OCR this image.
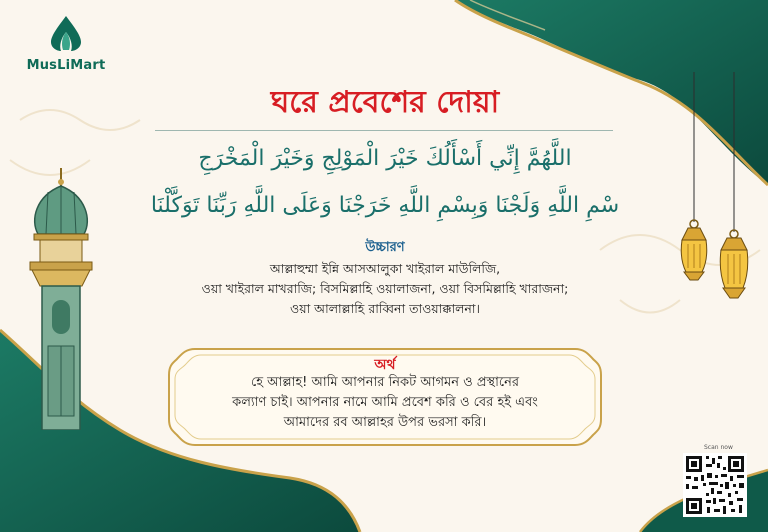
MusLiMart
ঘরে প্রবেশের দোয়া

اللَّهُمَّ إِنِّي أَسْأَلُكَ خَيْرَ الْمَوْلِجِ وَخَيْرَ الْمَخْرَجِ

سْمِ اللَّهِ وَلَجْنَا وَبِسْمِ اللَّهِ خَرَجْنَا وَعَلَى اللَّهِ رَبِّنَا تَوَكَّلْنَا

উচ্চারণ
আল্লাহুম্মা ইন্নি আসআলুকা খাইরাল মাউলিজি,
ওয়া খাইরাল মাখরাজি; বিসমিল্লাহি ওয়ালাজনা, ওয়া বিসমিল্লাহি খারাজনা;
ওয়া আলাল্লাহি রাব্বিনা তাওয়াক্কালনা।
অর্থ
হে আল্লাহ! আমি আপনার নিকট আগমন ও প্রস্থানের
কল্যাণ চাই। আপনার নামে আমি প্রবেশ করি ও বের হই এবং
আমাদের রব আল্লাহর উপর ভরসা করি।
Scan now
